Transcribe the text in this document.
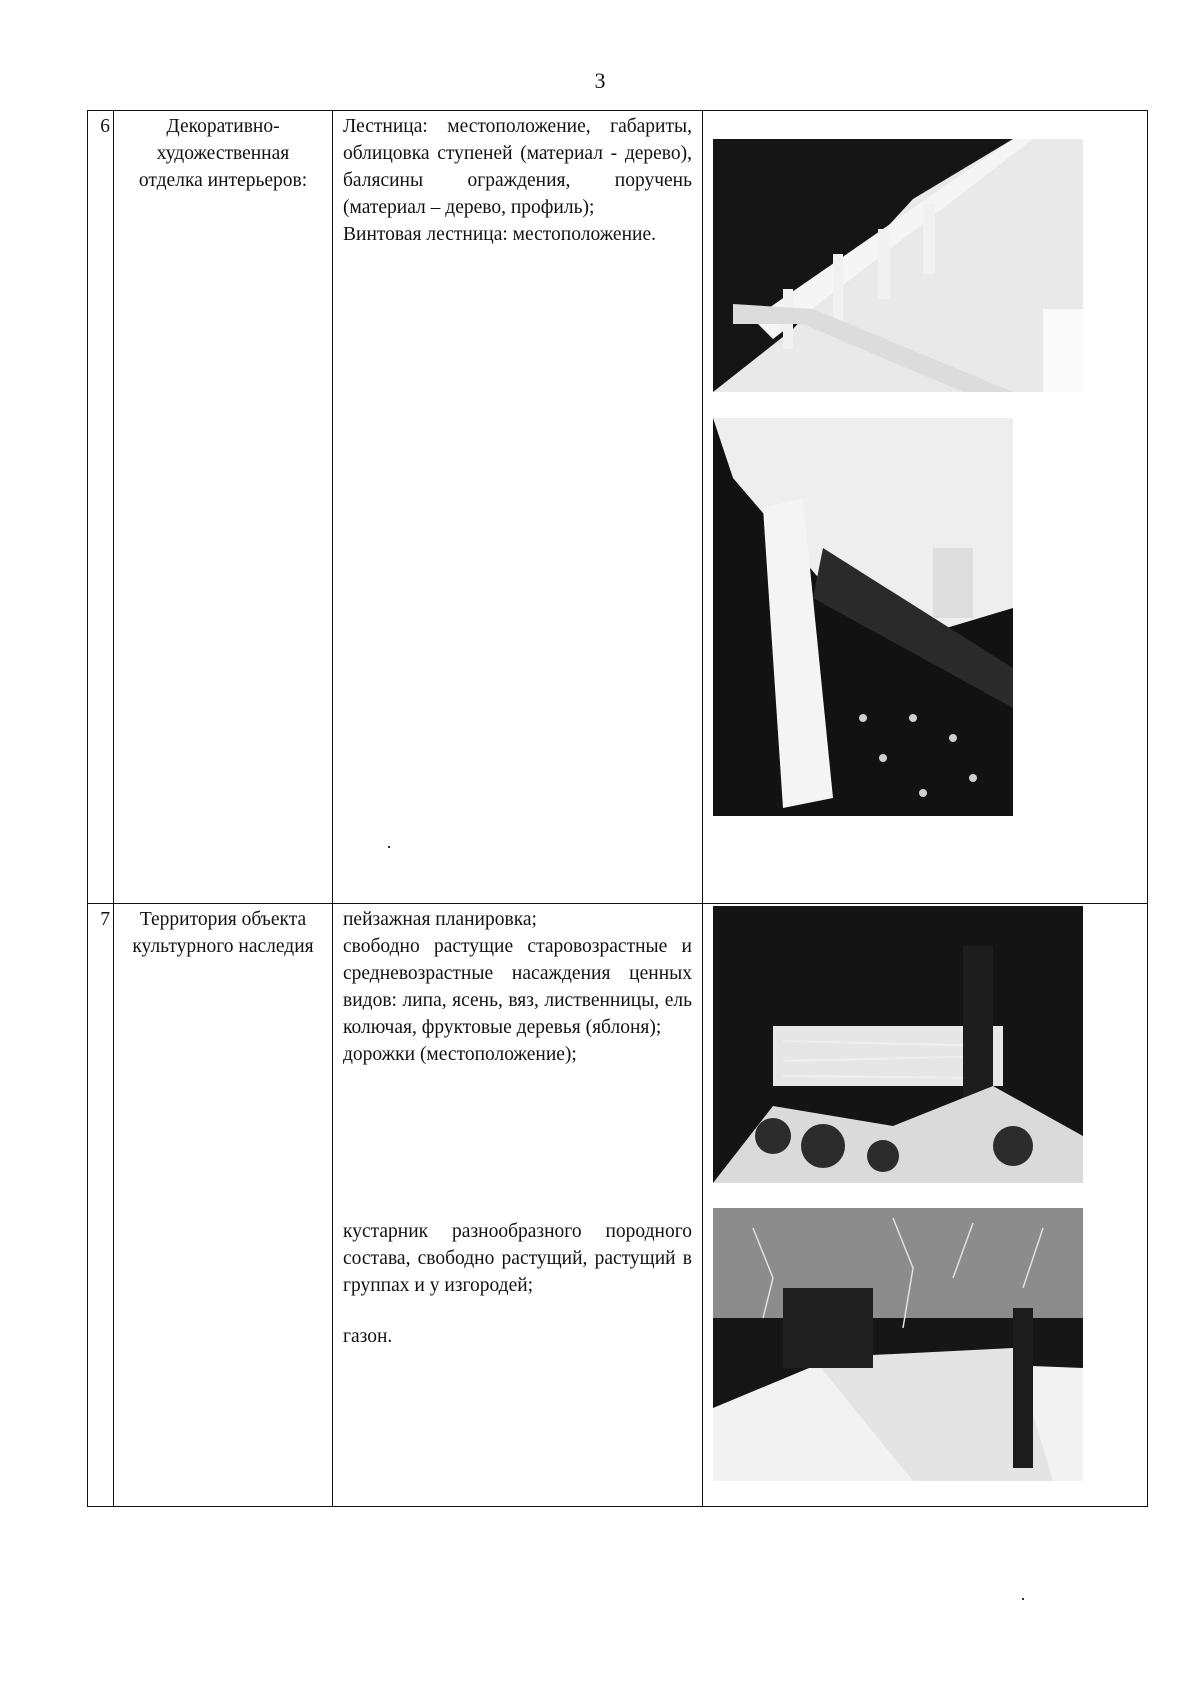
3
6	Декоративно-художественная отделка интерьеров:	Лестница: местоположение, габариты, облицовка ступеней (материал - дерево), балясины ограждения, поручень (материал – дерево, профиль);

Винтовая лестница: местоположение.

7	Территория объекта культурного наследия	пейзажная планировка;

свободно растущие старовозрастные и средневозрастные насаждения ценных видов: липа, ясень, вяз, лиственницы, ель колючая, фруктовые деревья (яблоня);

дорожки (местоположение);

кустарник разнообразного породного состава, свободно растущий, растущий в группах и у изгородей;

газон.
